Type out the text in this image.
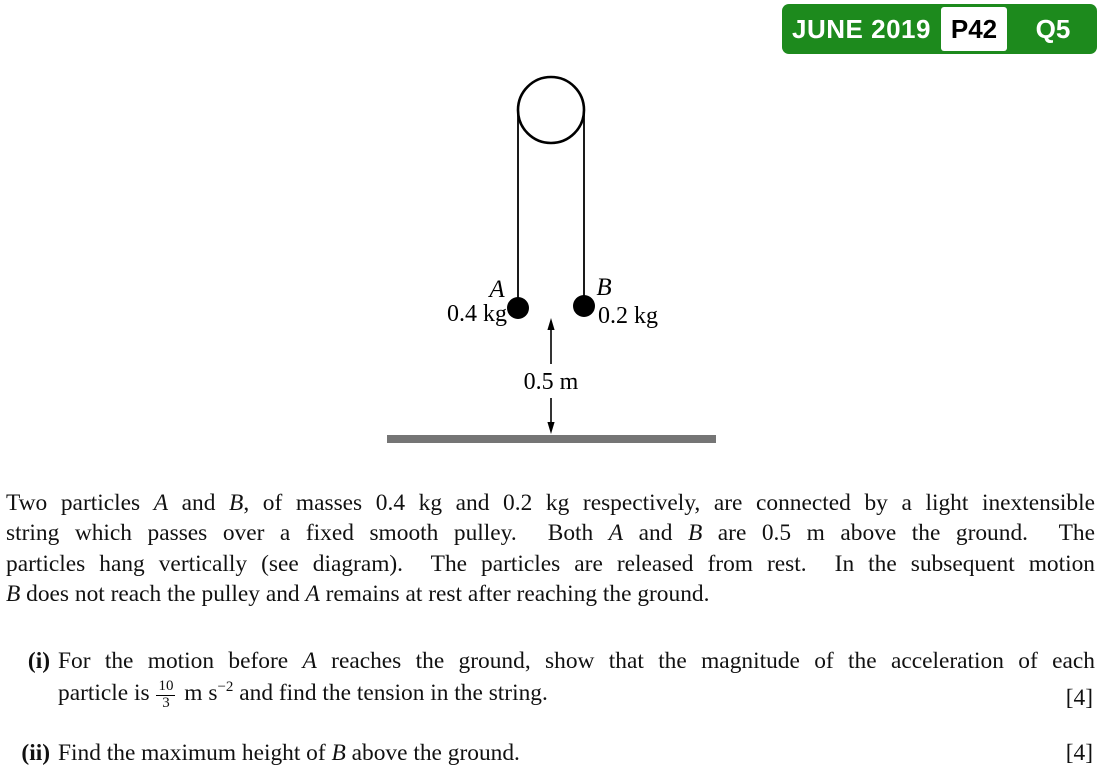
JUNE 2019 P42	Q5
A	B
0.4 kg	0.2 kg
0.5 m
Two particles A and B, of masses 0.4 kg and 0.2 kg respectively, are connected by a light inextensible
string which passes over a fixed smooth pulley.  Both A and B are 0.5 m above the ground.  The
particles hang vertically (see diagram).  The particles are released from rest.  In the subsequent motion
B does not reach the pulley and A remains at rest after reaching the ground.
(i) For the motion before A reaches the ground, show that the magnitude of the acceleration of each
particle is $\frac{10}{3}$ m $s^{-2}$ and find the tension in the string.	[4]
(ii) Find the maximum height of B above the ground.	[4]
